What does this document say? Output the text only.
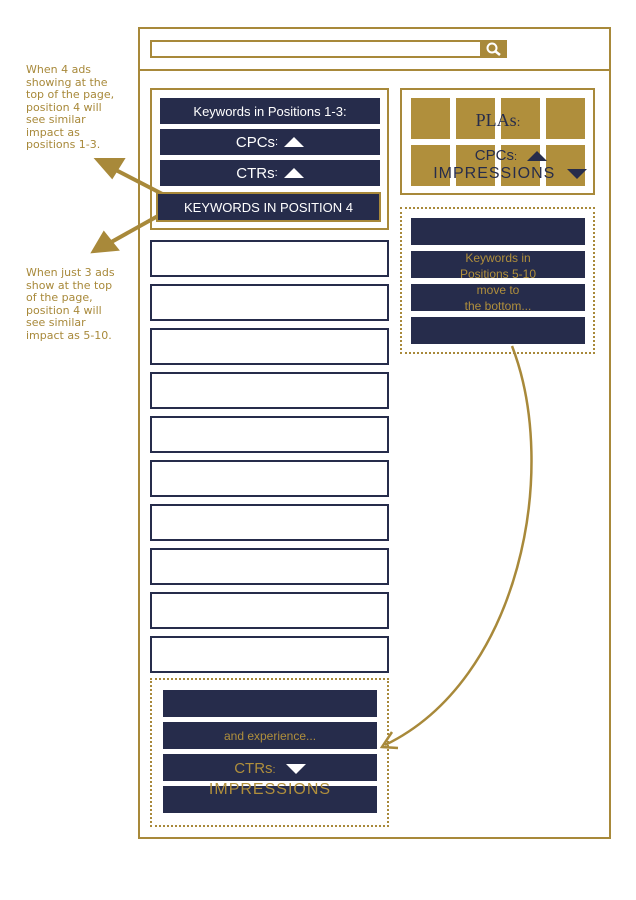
When 4 ads showing at the top of the page, position 4 will see similar impact as positions 1-3.
When just 3 ads show at the top of the page, position 4 will see similar impact as 5-10.
Keywords in Positions 1-3:
CPCs :
CTRs :
KEYWORDS IN POSITION 4
PLAs:
CPCs:
IMPRESSIONS
Keywords in
Positions 5-10
move to
the bottom...
and experience...
CTRs:
IMPRESSIONS
